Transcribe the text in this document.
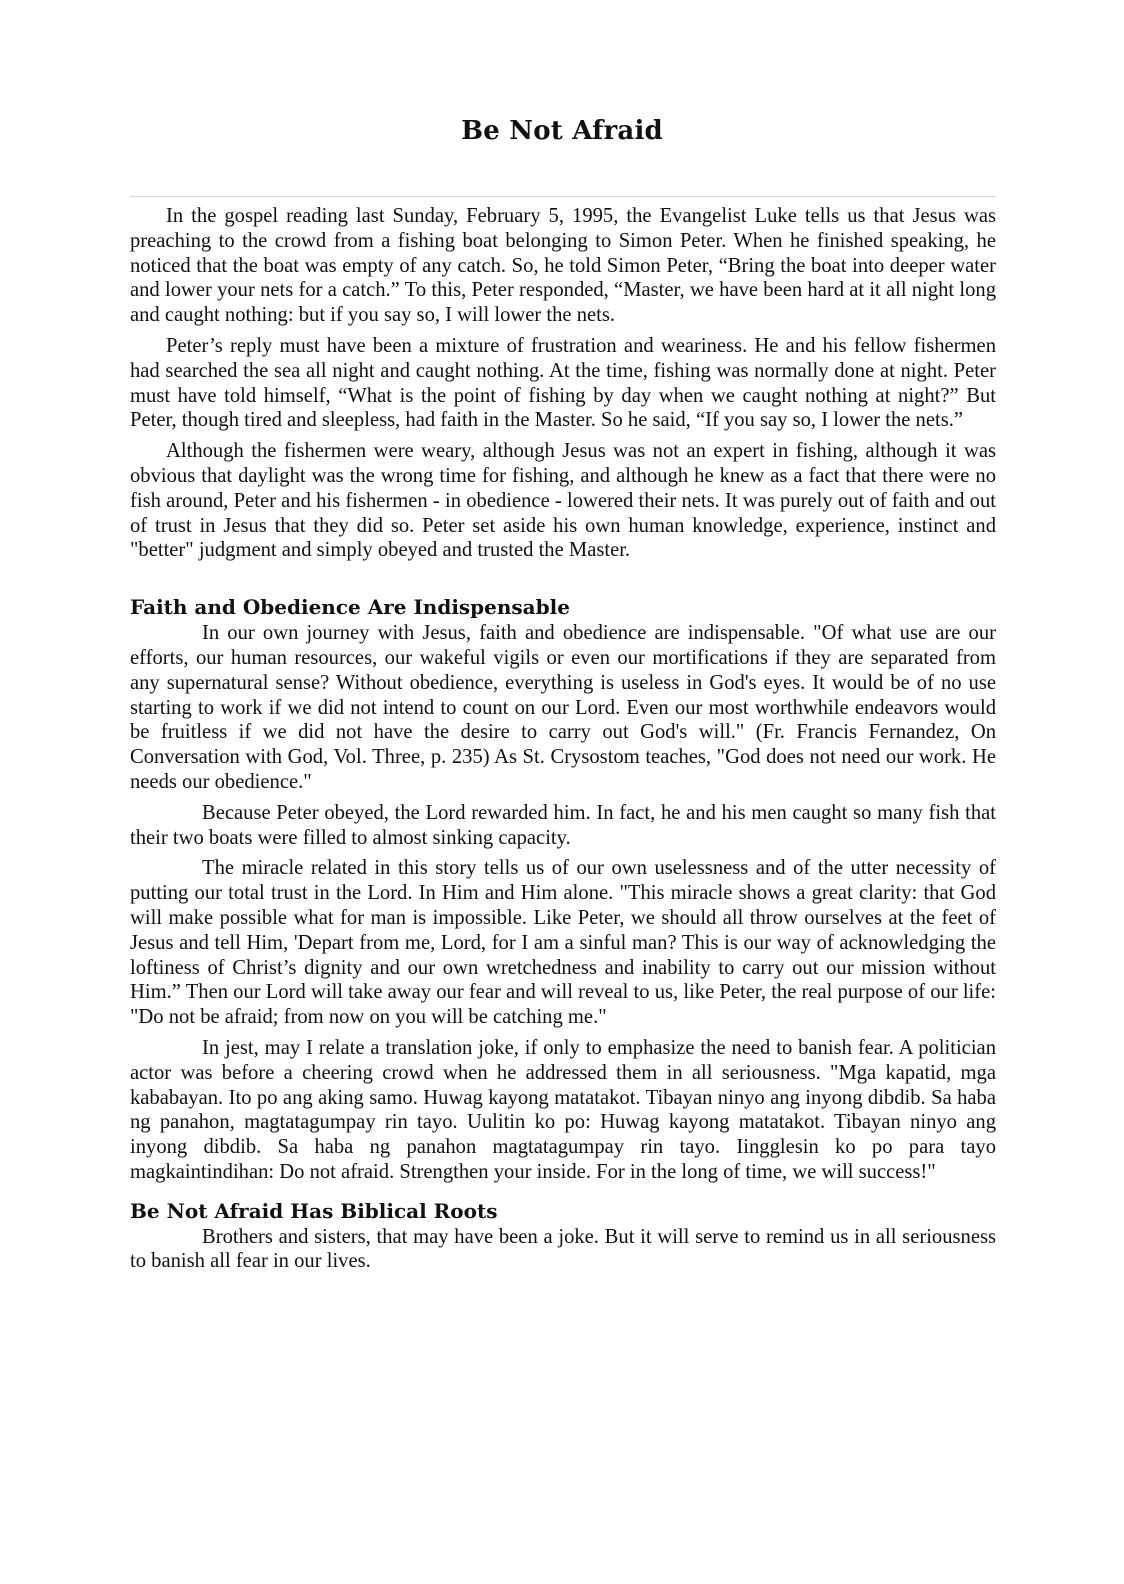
Be Not Afraid

In the gospel reading last Sunday, February 5, 1995, the Evangelist Luke tells us that Jesus was preaching to the crowd from a fishing boat belonging to Simon Peter. When he finished speaking, he noticed that the boat was empty of any catch. So, he told Simon Peter, “Bring the boat into deeper water and lower your nets for a catch.” To this, Peter responded, “Master, we have been hard at it all night long and caught nothing: but if you say so, I will lower the nets.

Peter’s reply must have been a mixture of frustration and weariness. He and his fellow fishermen had searched the sea all night and caught nothing. At the time, fishing was normally done at night. Peter must have told himself, “What is the point of fishing by day when we caught nothing at night?” But Peter, though tired and sleepless, had faith in the Master. So he said, “If you say so, I lower the nets.”

Although the fishermen were weary, although Jesus was not an expert in fishing, although it was obvious that daylight was the wrong time for fishing, and although he knew as a fact that there were no fish around, Peter and his fishermen - in obedience - lowered their nets. It was purely out of faith and out of trust in Jesus that they did so. Peter set aside his own human knowledge, experience, instinct and "better" judgment and simply obeyed and trusted the Master.

Faith and Obedience Are Indispensable

In our own journey with Jesus, faith and obedience are indispensable. "Of what use are our efforts, our human resources, our wakeful vigils or even our mortifications if they are separated from any supernatural sense? Without obedience, everything is useless in God's eyes. It would be of no use starting to work if we did not intend to count on our Lord. Even our most worthwhile endeavors would be fruitless if we did not have the desire to carry out God's will." (Fr. Francis Fernandez, On Conversation with God, Vol. Three, p. 235) As St. Crysostom teaches, "God does not need our work. He needs our obedience."

Because Peter obeyed, the Lord rewarded him. In fact, he and his men caught so many fish that their two boats were filled to almost sinking capacity.

The miracle related in this story tells us of our own uselessness and of the utter necessity of putting our total trust in the Lord. In Him and Him alone. "This miracle shows a great clarity: that God will make possible what for man is impossible. Like Peter, we should all throw ourselves at the feet of Jesus and tell Him, 'Depart from me, Lord, for I am a sinful man? This is our way of acknowledging the loftiness of Christ’s dignity and our own wretchedness and inability to carry out our mission without Him.” Then our Lord will take away our fear and will reveal to us, like Peter, the real purpose of our life: "Do not be afraid; from now on you will be catching me."

In jest, may I relate a translation joke, if only to emphasize the need to banish fear. A politician actor was before a cheering crowd when he addressed them in all seriousness. "Mga kapatid, mga kababayan. Ito po ang aking samo. Huwag kayong matatakot. Tibayan ninyo ang inyong dibdib. Sa haba ng panahon, magtatagumpay rin tayo. Uulitin ko po: Huwag kayong matatakot. Tibayan ninyo ang inyong dibdib. Sa haba ng panahon magtatagumpay rin tayo. Iingglesin ko po para tayo magkaintindihan: Do not afraid. Strengthen your inside. For in the long of time, we will success!"

Be Not Afraid Has Biblical Roots

Brothers and sisters, that may have been a joke. But it will serve to remind us in all seriousness to banish all fear in our lives.
